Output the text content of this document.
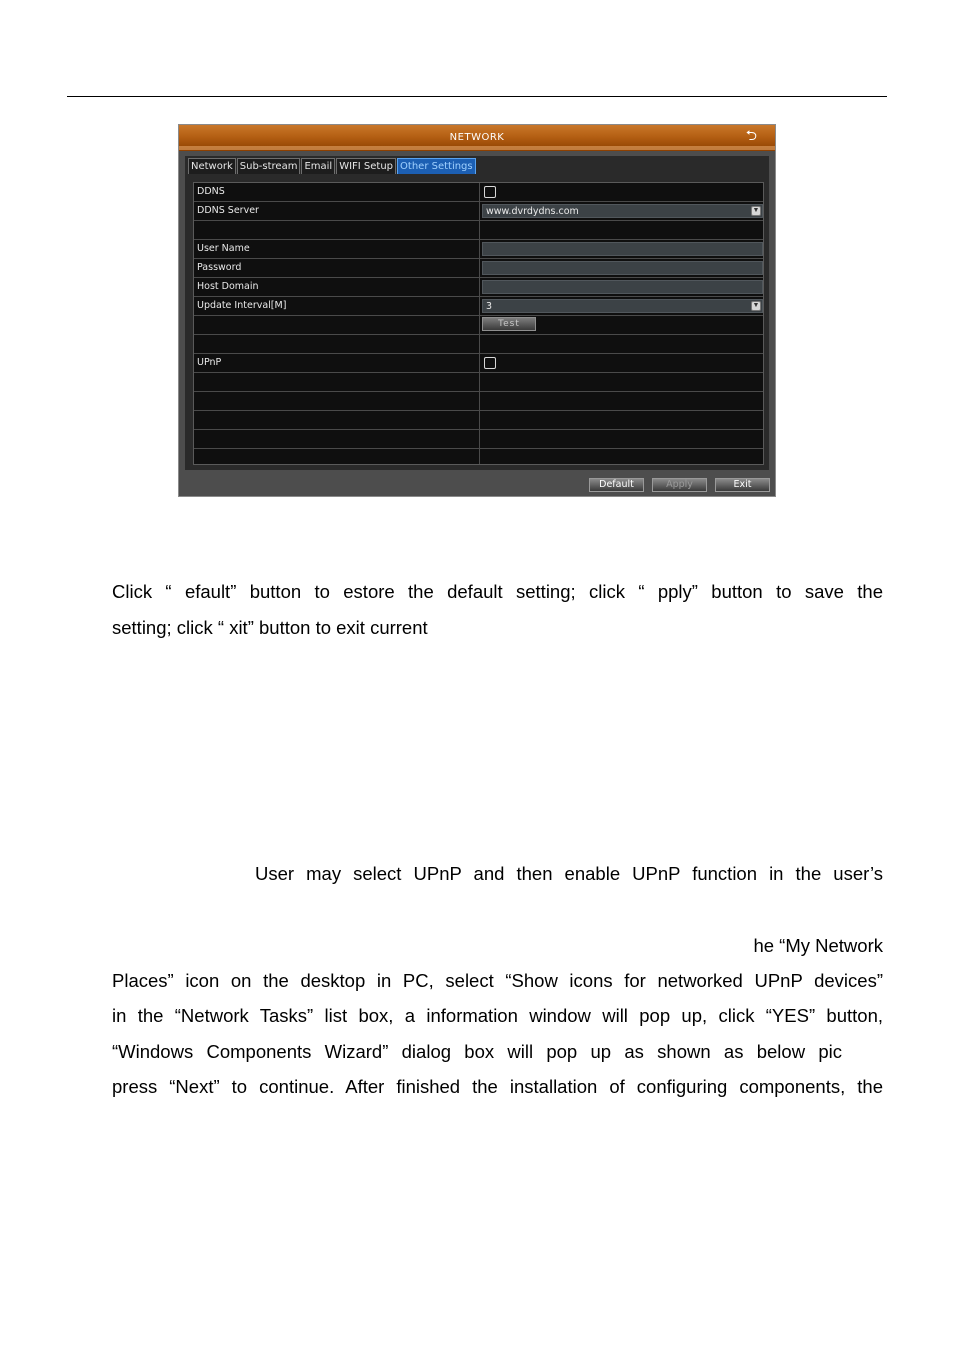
NETWORK	⮌
Network Sub-stream Email WIFI Setup Other Settings
DDNS
DDNS Server	www.dvrdydns.com	▼
User Name
Password
Host Domain
Update Interval[M]	3	▼
Test
UPnP
Default	Apply	Exit
Click “ efault” button to estore the default setting; click “ pply” button to save the
setting; click “ xit” button to exit current
User may select UPnP and then enable UPnP function in the user’s
he “My Network
Places” icon on the desktop in PC, select “Show icons for networked UPnP devices”
in the “Network Tasks” list box, a information window will pop up, click “YES” button,
“Windows Components Wizard” dialog box will pop up as shown as below pic
press “Next” to continue. After finished the installation of configuring components, the
